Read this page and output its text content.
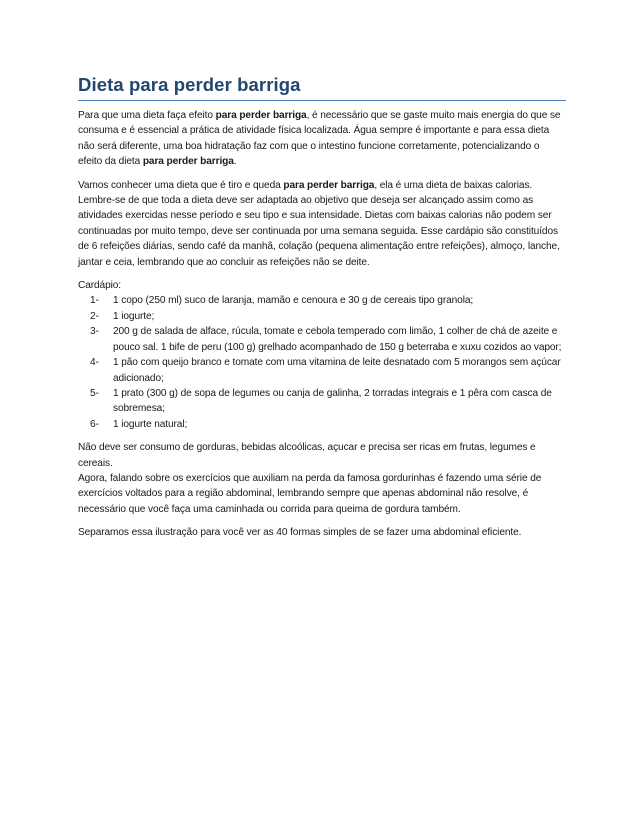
Dieta para perder barriga

Para que uma dieta faça efeito para perder barriga, é necessário que se gaste muito mais energia do que se consuma e é essencial a prática de atividade física localizada. Água sempre é importante e para essa dieta não será diferente, uma boa hidratação faz com que o intestino funcione corretamente, potencializando o efeito da dieta para perder barriga.

Vamos conhecer uma dieta que é tiro e queda para perder barriga, ela é uma dieta de baixas calorias. Lembre-se de que toda a dieta deve ser adaptada ao objetivo que deseja ser alcançado assim como as atividades exercidas nesse período e seu tipo e sua intensidade. Dietas com baixas calorias não podem ser continuadas por muito tempo, deve ser continuada por uma semana seguida. Esse cardápio são constituídos de 6 refeições diárias, sendo café da manhã, colação (pequena alimentação entre refeições), almoço, lanche, jantar e ceia, lembrando que ao concluir as refeições não se deite.

Cardápio:

1- 1 copo (250 ml) suco de laranja, mamão e cenoura e 30 g de cereais tipo granola;
2- 1 iogurte;
3- 200 g de salada de alface, rúcula, tomate e cebola temperado com limão, 1 colher de chá de azeite e pouco sal. 1 bife de peru (100 g) grelhado acompanhado de 150 g beterraba e xuxu cozidos ao vapor;
4- 1 pão com queijo branco e tomate com uma vitamina de leite desnatado com 5 morangos sem açúcar adicionado;
5- 1 prato (300 g) de sopa de legumes ou canja de galinha, 2 torradas integrais e 1 pêra com casca de sobremesa;
6- 1 iogurte natural;

Não deve ser consumo de gorduras, bebidas alcoólicas, açucar e precisa ser ricas em frutas, legumes e cereais.

Agora, falando sobre os exercícios que auxiliam na perda da famosa gordurinhas é fazendo uma série de exercícios voltados para a região abdominal, lembrando sempre que apenas abdominal não resolve, é necessário que você faça uma caminhada ou corrida para queima de gordura também.

Separamos essa ilustração para você ver as 40 formas simples de se fazer uma abdominal eficiente.
